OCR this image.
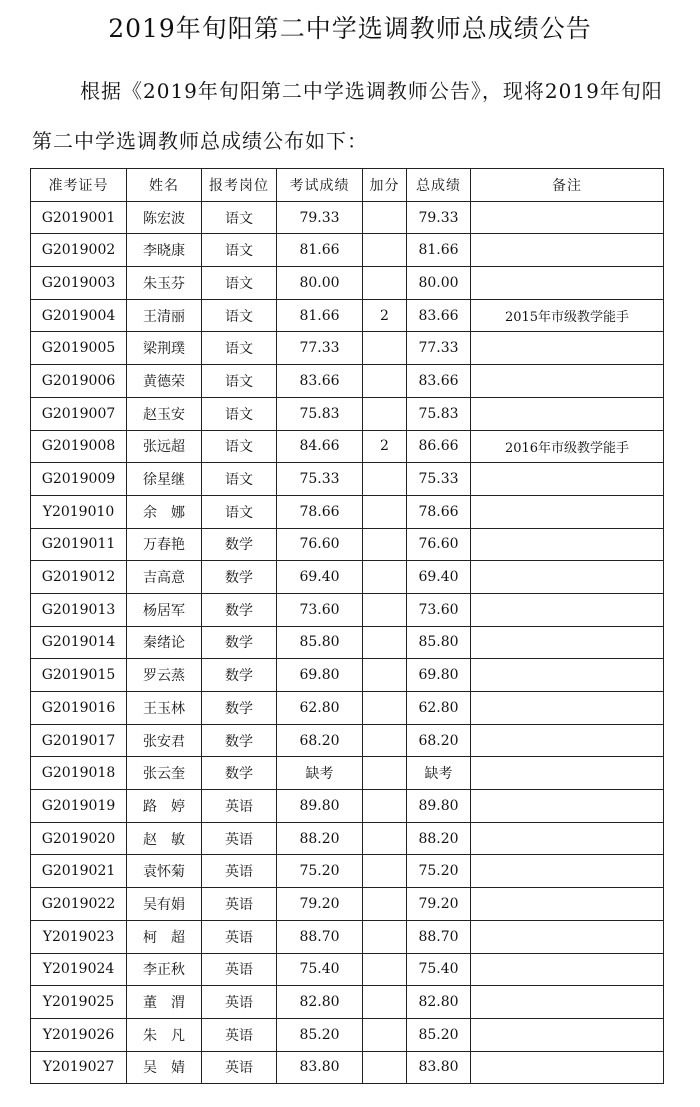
2019年旬阳第二中学选调教师总成绩公告
根据《2019年旬阳第二中学选调教师公告》，现将2019年旬阳第二中学选调教师总成绩公布如下：
准考证号	姓名	报考岗位	考试成绩	加分	总成绩	备注
G2019001	陈宏波	语文	79.33		79.33	
G2019002	李晓康	语文	81.66		81.66	
G2019003	朱玉芬	语文	80.00		80.00	
G2019004	王清丽	语文	81.66	2	83.66	2015年市级教学能手
G2019005	梁荆璞	语文	77.33		77.33	
G2019006	黄德荣	语文	83.66		83.66	
G2019007	赵玉安	语文	75.83		75.83	
G2019008	张远超	语文	84.66	2	86.66	2016年市级教学能手
G2019009	徐星继	语文	75.33		75.33	
Y2019010	余　娜	语文	78.66		78.66	
G2019011	万春艳	数学	76.60		76.60	
G2019012	吉高意	数学	69.40		69.40	
G2019013	杨居军	数学	73.60		73.60	
G2019014	秦绪论	数学	85.80		85.80	
G2019015	罗云蒸	数学	69.80		69.80	
G2019016	王玉林	数学	62.80		62.80	
G2019017	张安君	数学	68.20		68.20	
G2019018	张云奎	数学	缺考		缺考	
G2019019	路　婷	英语	89.80		89.80	
G2019020	赵　敏	英语	88.20		88.20	
G2019021	袁怀菊	英语	75.20		75.20	
G2019022	吴有娟	英语	79.20		79.20	
Y2019023	柯　超	英语	88.70		88.70	
Y2019024	李正秋	英语	75.40		75.40	
Y2019025	董　渭	英语	82.80		82.80	
Y2019026	朱　凡	英语	85.20		85.20	
Y2019027	吴　婧	英语	83.80		83.80	
